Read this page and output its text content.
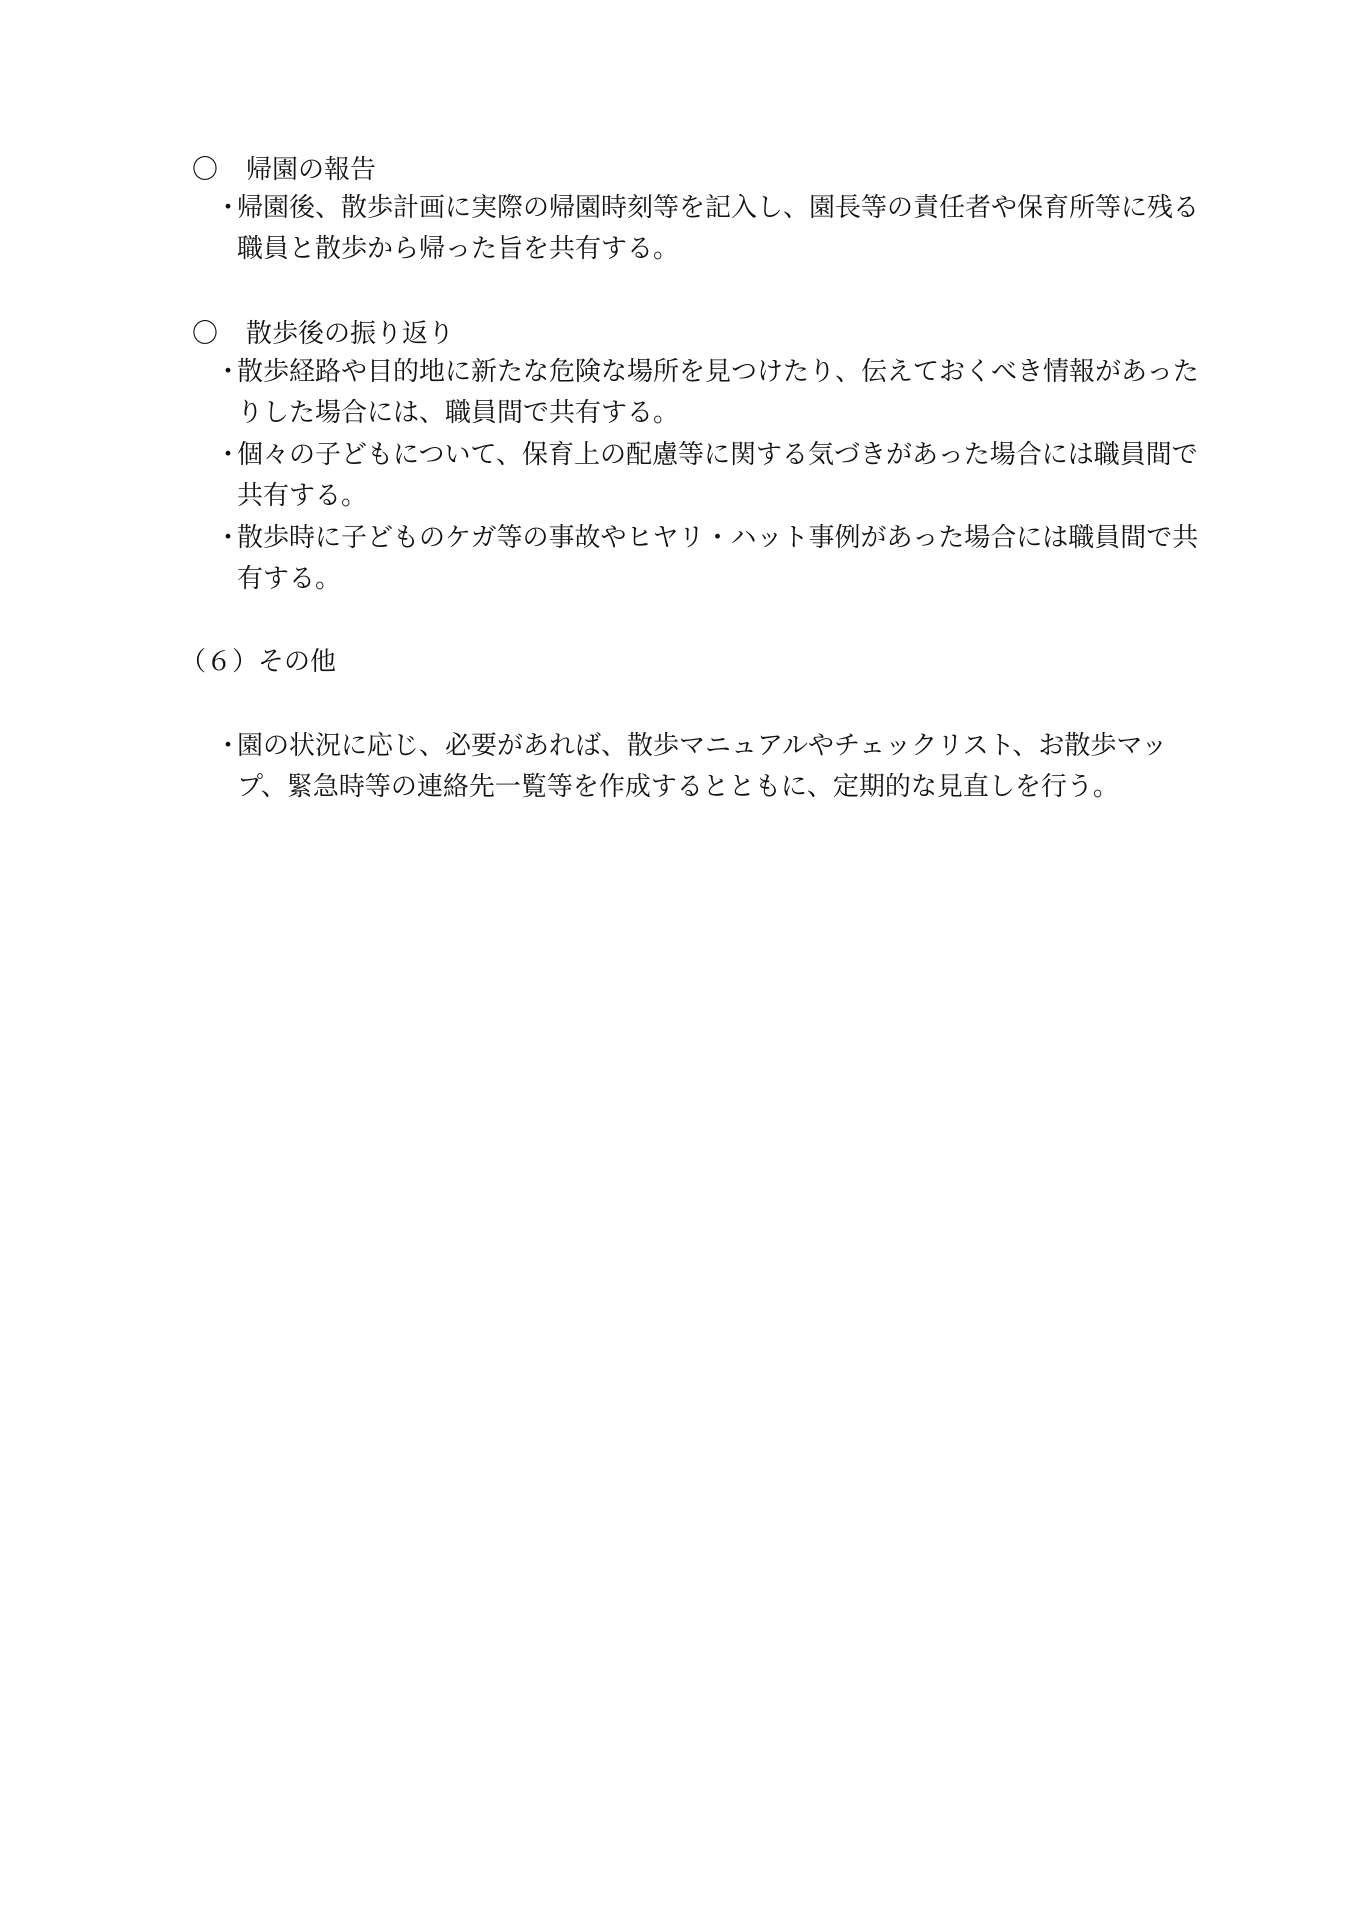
〇 帰園の報告
・
帰園後、散歩計画に実際の帰園時刻等を記入し、園長等の責任者や保育所等に残る職員と散歩から帰った旨を共有する。
〇 散歩後の振り返り
・
散歩経路や目的地に新たな危険な場所を見つけたり、伝えておくべき情報があったりした場合には、職員間で共有する。
・
個々の子どもについて、保育上の配慮等に関する気づきがあった場合には職員間で共有する。
・
散歩時に子どものケガ等の事故やヒヤリ・ハット事例があった場合には職員間で共有する。
（６）その他
・
園の状況に応じ、必要があれば、散歩マニュアルやチェックリスト、お散歩マップ、緊急時等の連絡先一覧等を作成するとともに、定期的な見直しを行う。
